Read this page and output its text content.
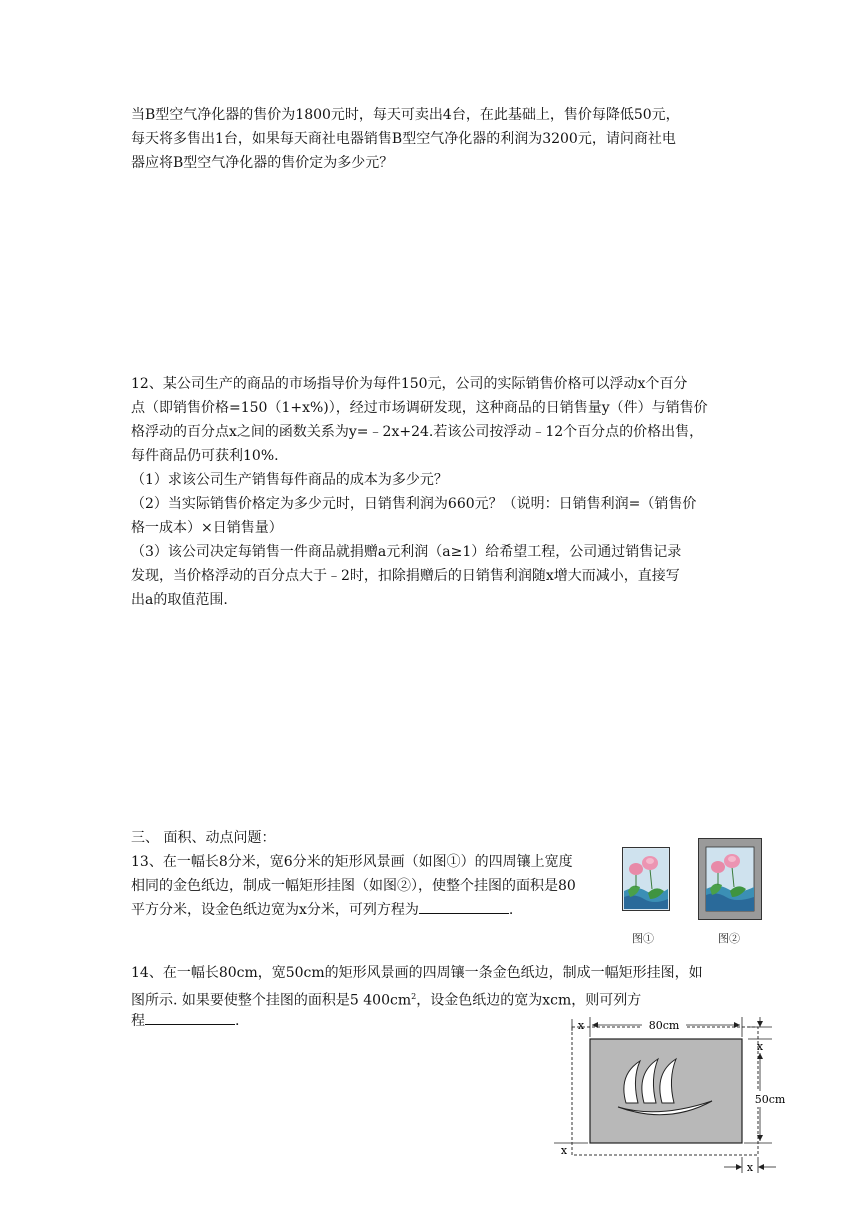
当B型空气净化器的售价为1800元时，每天可卖出4台，在此基础上，售价每降低50元，
每天将多售出1台，如果每天商社电器销售B型空气净化器的利润为3200元，请问商社电
器应将B型空气净化器的售价定为多少元？
12、某公司生产的商品的市场指导价为每件150元，公司的实际销售价格可以浮动x个百分
点（即销售价格=150（1+x%)），经过市场调研发现，这种商品的日销售量y（件）与销售价
格浮动的百分点x之间的函数关系为y=﹣2x+24.若该公司按浮动﹣12个百分点的价格出售，
每件商品仍可获利10%.
（1）求该公司生产销售每件商品的成本为多少元？
（2）当实际销售价格定为多少元时，日销售利润为660元？（说明：日销售利润=（销售价
格一成本）×日销售量）
（3）该公司决定每销售一件商品就捐赠a元利润（a≥1）给希望工程，公司通过销售记录
发现，当价格浮动的百分点大于﹣2时，扣除捐赠后的日销售利润随x增大而减小，直接写
出a的取值范围.
三、 面积、动点问题：
13、在一幅长8分米，宽6分米的矩形风景画（如图①）的四周镶上宽度
相同的金色纸边，制成一幅矩形挂图（如图②），使整个挂图的面积是80
平方分米，设金色纸边宽为x分米，可列方程为	.
图①	图②
14、在一幅长80cm，宽50cm的矩形风景画的四周镶一条金色纸边，制成一幅矩形挂图，如
图所示. 如果要使整个挂图的面积是5 $400cm^2$，设金色纸边的宽为xcm，则可列方
程	.	80cm
x
x
50cm
x
x
